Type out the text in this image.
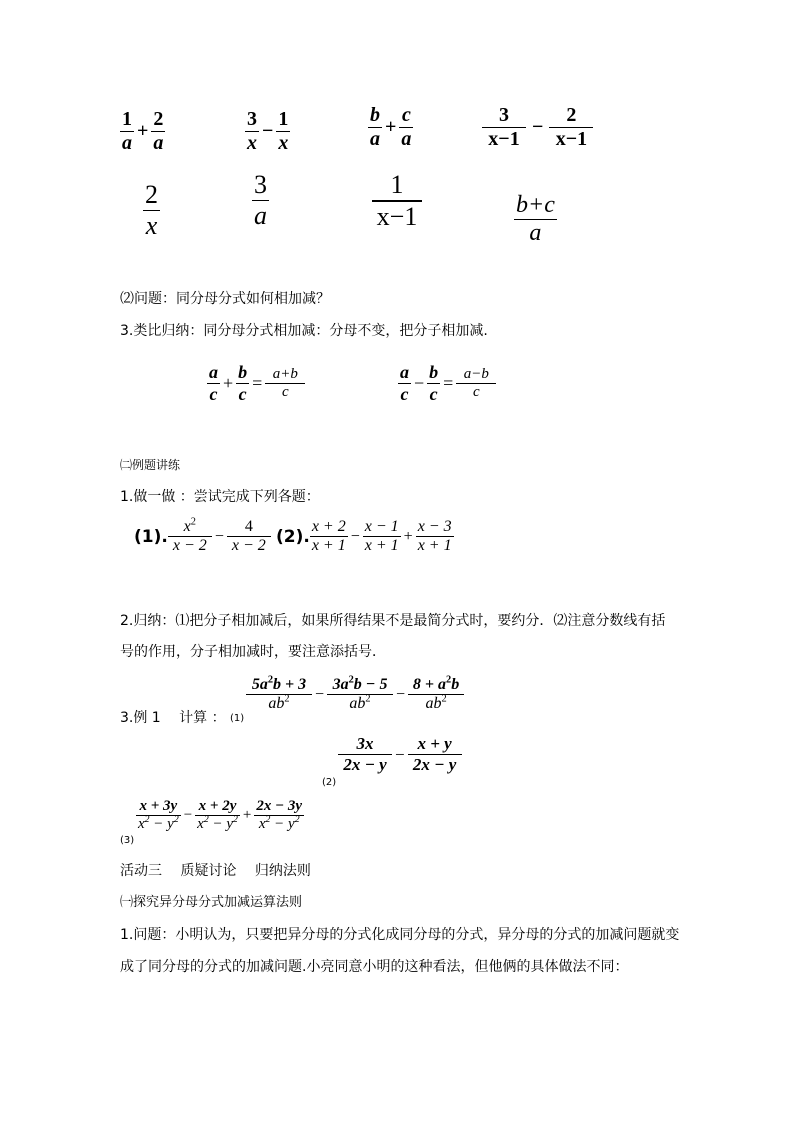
$\frac{1}{a} + \frac{2}{a}$	$\frac{3}{x} - \frac{1}{x}$	$\frac{b}{a} + \frac{c}{a}$	$\frac{3}{x-1} - \frac{2}{x-1}$
$\frac{2}{x}$	$\frac{3}{a}$	$\frac{1}{x-1}$	$\frac{b+c}{a}$
⑵问题：同分母分式如何相加减？
3.类比归纳：同分母分式相加减：分母不变，把分子相加减.
$\frac{a}{c} + \frac{b}{c} = \frac{a+b}{c}$	$\frac{a}{c} - \frac{b}{c} = \frac{a-b}{c}$
㈡例题讲练
1.做一做 ：尝试完成下列各题：
(1). $\frac{x^2}{x - 2} - \frac{4}{x - 2} (2)$. $\frac{x + 2}{x + 1} - \frac{x - 1}{x + 1} + \frac{x - 3}{x + 1}$
2.归纳：⑴把分子相加减后，如果所得结果不是最简分式时，要约分．⑵注意分数线有括
号的作用，分子相加减时，要注意添括号．
3.例 1　 计算 ： (1)
$\frac{5a^2b + 3}{ab^2} - \frac{3a^2b - 5}{ab^2} - \frac{8 + a^2b}{ab^2}$
(2)
$\frac{3x}{2x - y} - \frac{x + y}{2x - y}$
(3)
$\frac{x + 3y}{x^2 - y^2} - \frac{x + 2y}{x^2 - y^2} + \frac{2x - 3y}{x^2 - y^2}$
活动三　 质疑讨论　 归纳法则
㈠探究异分母分式加减运算法则
1.问题：小明认为，只要把异分母的分式化成同分母的分式，异分母的分式的加减问题就变
成了同分母的分式的加减问题.小亮同意小明的这种看法，但他俩的具体做法不同：
